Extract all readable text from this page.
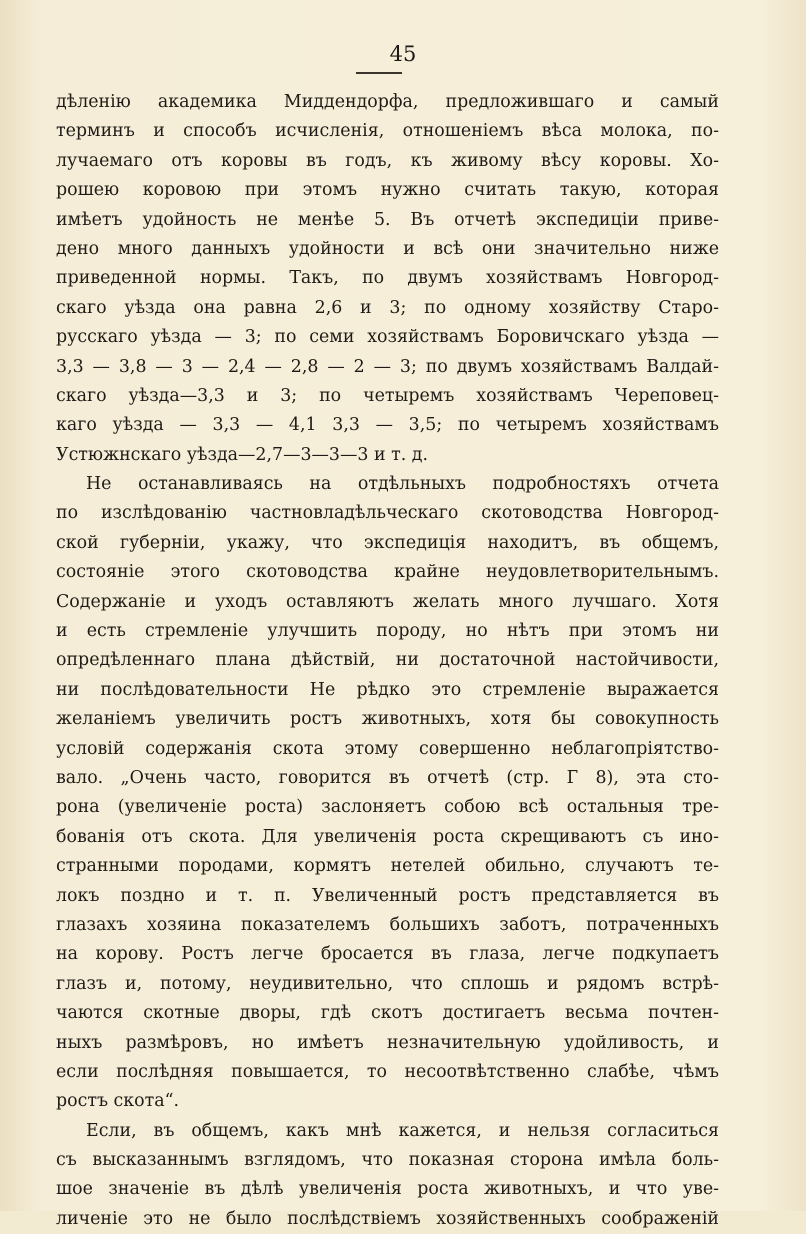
45
дѣленію академика Миддендорфа, предложившаго и самый
терминъ и способъ исчисленія, отношеніемъ вѣса молока, по-
лучаемаго отъ коровы въ годъ, къ живому вѣсу коровы. Хо-
рошею коровою при этомъ нужно считать такую, которая
имѣетъ удойность не менѣе 5. Въ отчетѣ экспедиціи приве-
дено много данныхъ удойности и всѣ они значительно ниже
приведенной нормы. Такъ, по двумъ хозяйствамъ Новгород-
скаго уѣзда она равна 2,6 и 3; по одному хозяйству Старо-
русскаго уѣзда — 3; по семи хозяйствамъ Боровичскаго уѣзда —
3,3 — 3,8 — 3 — 2,4 — 2,8 — 2 — 3; по двумъ хозяйствамъ Валдай-
скаго уѣзда—3,3 и 3; по четыремъ хозяйствамъ Череповец-
каго уѣзда — 3,3 — 4,1 3,3 — 3,5; по четыремъ хозяйствамъ
Устюжнскаго уѣзда—2,7—3—3—3 и т. д.
Не останавливаясь на отдѣльныхъ подробностяхъ отчета
по изслѣдованію частновладѣльческаго скотоводства Новгород-
ской губерніи, укажу, что экспедиція находитъ, въ общемъ,
состояніе этого скотоводства крайне неудовлетворительнымъ.
Содержаніе и уходъ оставляютъ желать много лучшаго. Хотя
и есть стремленіе улучшить породу, но нѣтъ при этомъ ни
опредѣленнаго плана дѣйствій, ни достаточной настойчивости,
ни послѣдовательности Не рѣдко это стремленіе выражается
желаніемъ увеличить ростъ животныхъ, хотя бы совокупность
условій содержанія скота этому совершенно неблагопріятство-
вало. „Очень часто, говорится въ отчетѣ (стр. Г 8), эта сто-
рона (увеличеніе роста) заслоняетъ собою всѣ остальныя тре-
бованія отъ скота. Для увеличенія роста скрещиваютъ съ ино-
странными породами, кормятъ нетелей обильно, случаютъ те-
локъ поздно и т. п. Увеличенный ростъ представляется въ
глазахъ хозяина показателемъ большихъ заботъ, потраченныхъ
на корову. Ростъ легче бросается въ глаза, легче подкупаетъ
глазъ и, потому, неудивительно, что сплошь и рядомъ встрѣ-
чаются скотные дворы, гдѣ скотъ достигаетъ весьма почтен-
ныхъ размѣровъ, но имѣетъ незначительную удойливость, и
если послѣдняя повышается, то несоотвѣтственно слабѣе, чѣмъ
ростъ скота“.
Если, въ общемъ, какъ мнѣ кажется, и нельзя согласиться
съ высказаннымъ взглядомъ, что показная сторона имѣла боль-
шое значеніе въ дѣлѣ увеличенія роста животныхъ, и что уве-
личеніе это не было послѣдствіемъ хозяйственныхъ соображеній
